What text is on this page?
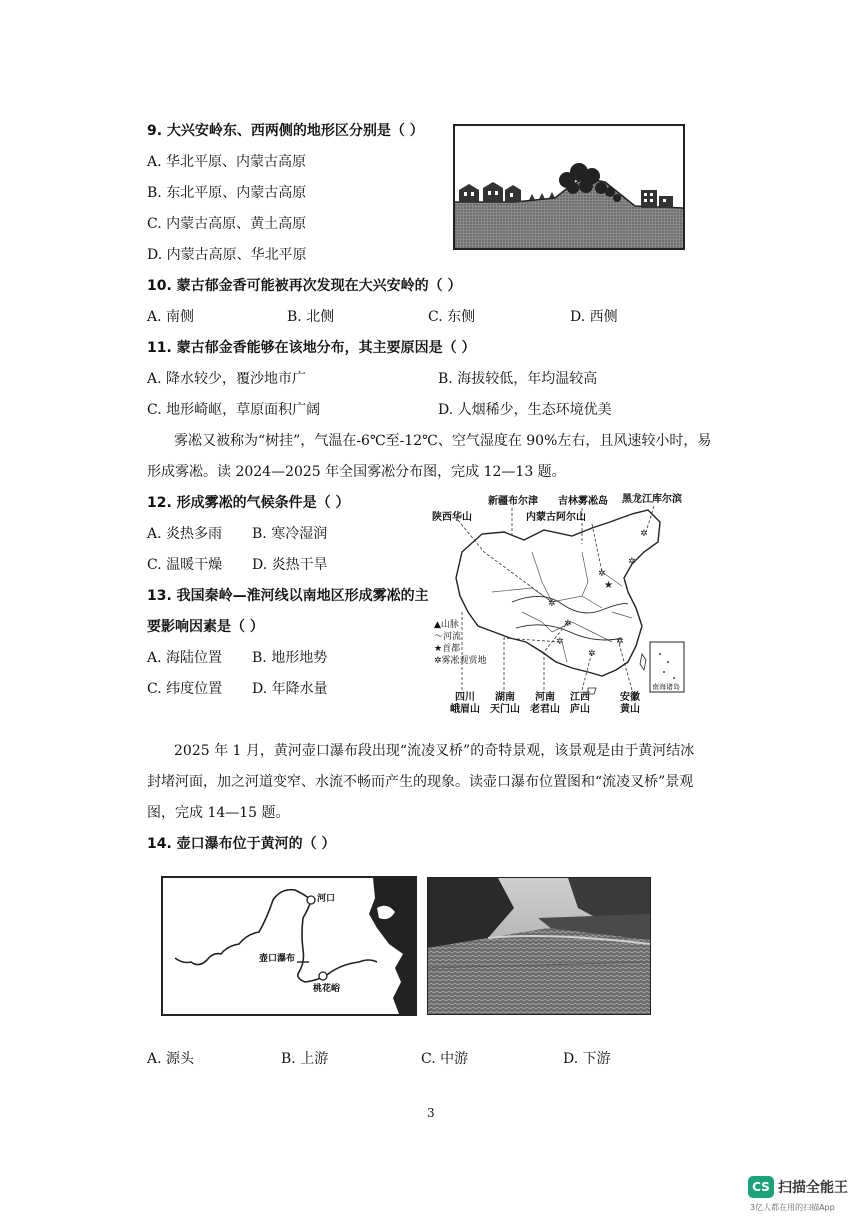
9. 大兴安岭东、西两侧的地形区分别是（ ）
A. 华北平原、内蒙古高原
B. 东北平原、内蒙古高原
C. 内蒙古高原、黄土高原
D. 内蒙古高原、华北平原
10. 蒙古郁金香可能被再次发现在大兴安岭的（ ）
A. 南侧	B. 北侧	C. 东侧	D. 西侧
11. 蒙古郁金香能够在该地分布，其主要原因是（ ）
A. 降水较少，覆沙地市广	B. 海拔较低，年均温较高
C. 地形崎岖，草原面积广阔	D. 人烟稀少，生态环境优美
雾凇又被称为“树挂”，气温在-6℃至-12℃、空气湿度在 90%左右，且风速较小时，易
形成雾凇。读 2024—2025 年全国雾凇分布图，完成 12—13 题。
12. 形成雾凇的气候条件是（ ）
A. 炎热多雨 B. 寒冷湿润
C. 温暖干燥 D. 炎热干旱
13. 我国秦岭—淮河线以南地区形成雾凇的主
要影响因素是（ ）
A. 海陆位置 B. 地形地势
C. 纬度位置 D. 年降水量
✲
✲
✲
✲
✲
✲
✲
✲
★
新疆布尔津 吉林雾凇岛 黑龙江库尔滨
陕西华山	内蒙古阿尔山
▲山脉
～河流
★首都
✲雾凇观赏地
南海诸岛
四川
峨眉山
湖南
天门山
河南
老君山
江西
庐山
安徽
黄山
2025 年 1 月，黄河壶口瀑布段出现“流凌叉桥”的奇特景观，该景观是由于黄河结冰
封堵河面，加之河道变窄、水流不畅而产生的现象。读壶口瀑布位置图和“流凌叉桥”景观
图，完成 14—15 题。
14. 壶口瀑布位于黄河的（ ）
河口
壶口瀑布
桃花峪
A. 源头	B. 上游	C. 中游	D. 下游
3
CS 扫描全能王
3亿人都在用的扫描App
